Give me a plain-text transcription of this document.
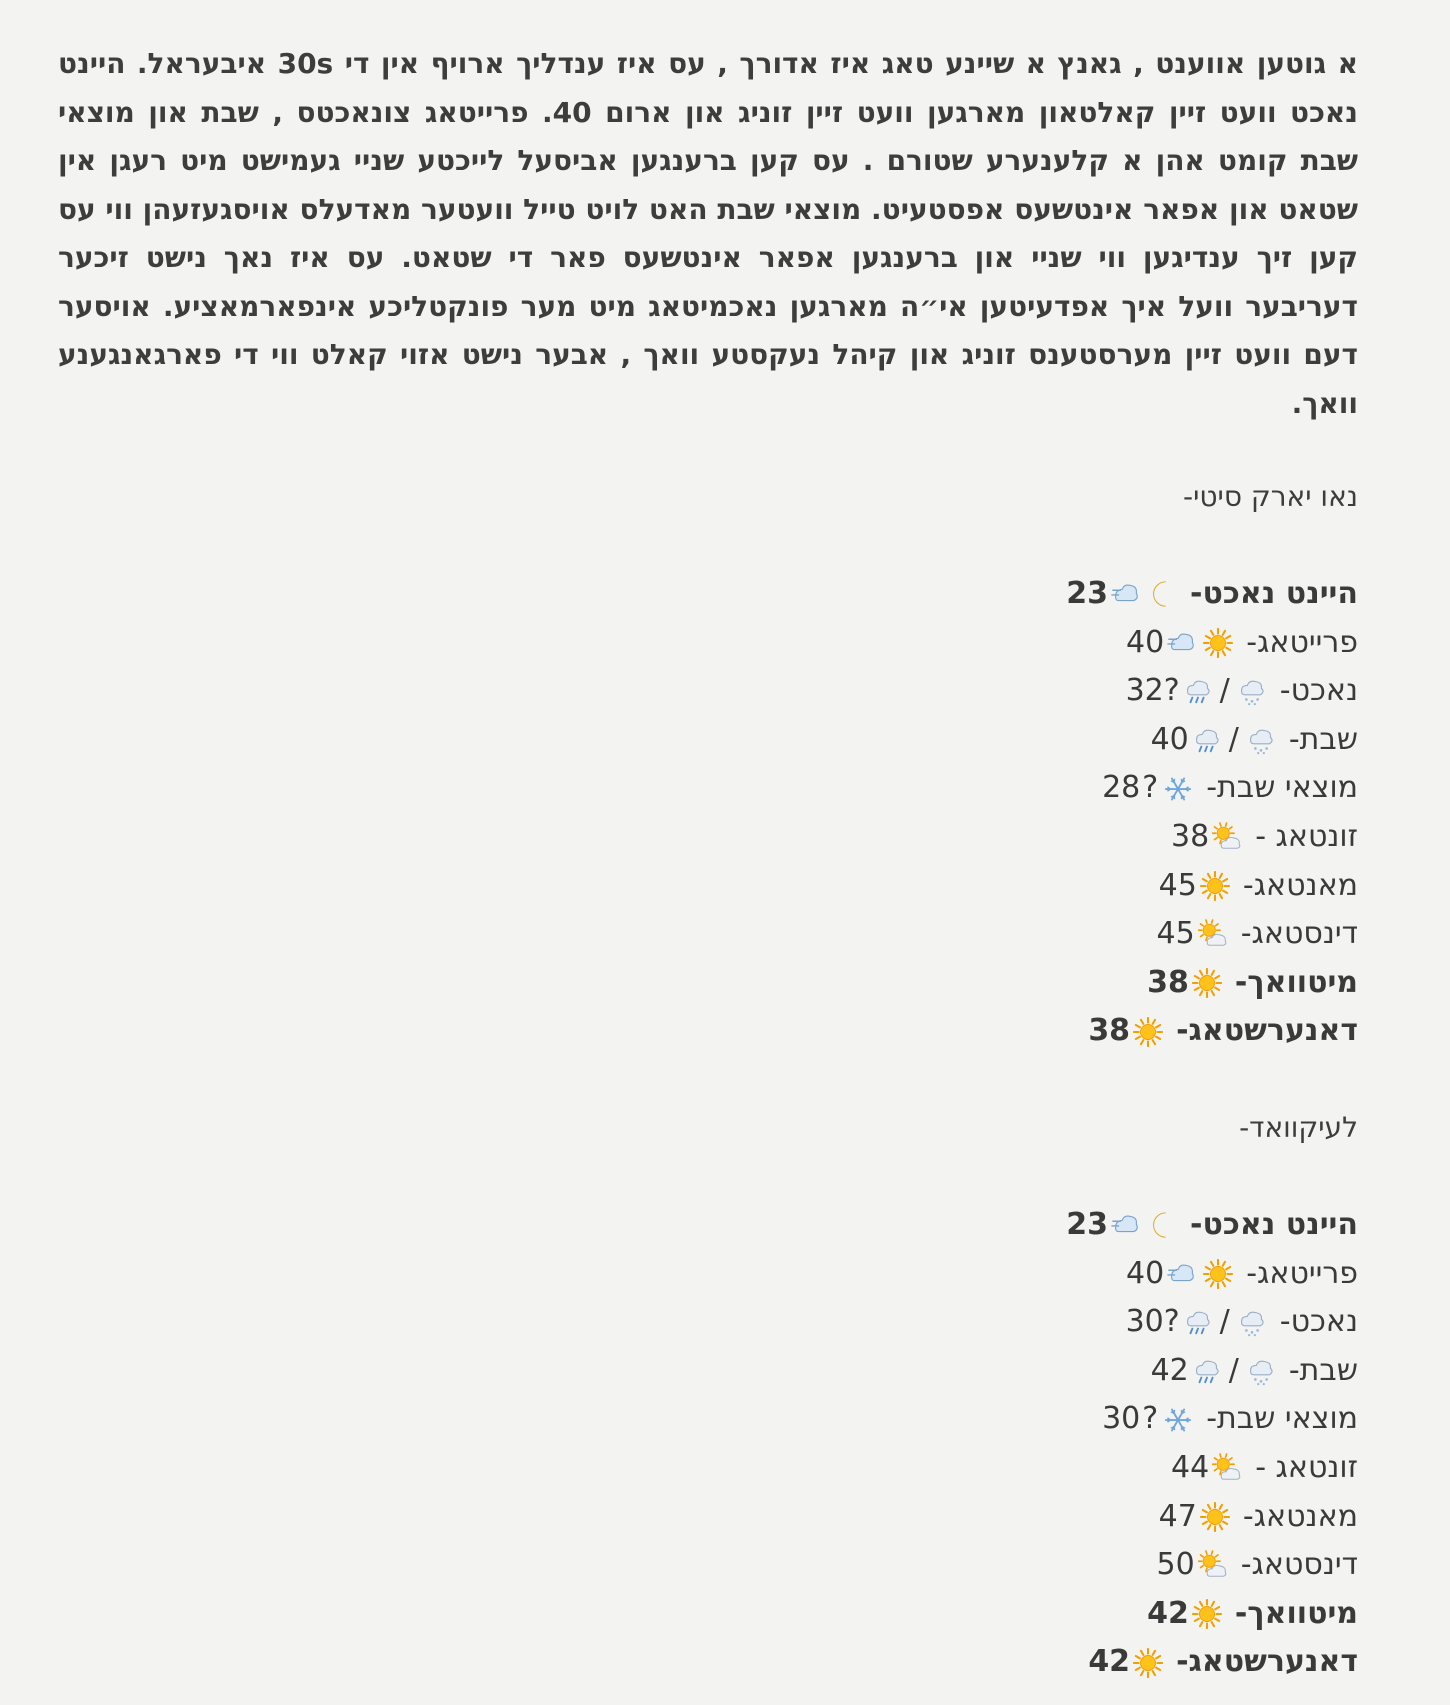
א גוטען אווענט , גאנץ א שיינע טאג איז אדורך , עס איז ענדליך ארויף אין די 30s איבעראל. היינט נאכט וועט זיין קאלטאון מארגען וועט זיין זוניג און ארום 40. פרייטאג צונאכטס , שבת און מוצאי שבת קומט אהן א קלענערע שטורם . עס קען ברענגען אביסעל לייכטע שניי געמישט מיט רעגן אין שטאט און אפאר אינטשעס אפסטעיט. מוצאי שבת האט לויט טייל וועטער מאדעלס אויסגעזעהן ווי עס קען זיך ענדיגען ווי שניי און ברענגען אפאר אינטשעס פאר די שטאט. עס איז נאך נישט זיכער דעריבער וועל איך אפדעיטען אי״ה מארגען נאכמיטאג מיט מער פונקטליכע אינפארמאציע. אויסער דעם וועט זיין מערסטענס זוניג און קיהל נעקסטע וואך , אבער נישט אזוי קאלט ווי די פארגאנגענע וואך.
נאו יארק סיטי-
היינט נאכט-
23
פרייטאג-
40
נאכט-
/
32?
שבת-
/
40
מוצאי שבת-
?
28
זונטאג -
38
מאנטאג-
45
דינסטאג-
45
מיטוואך-
38
דאנערשטאג-
38
לעיקוואד-
היינט נאכט-
23
פרייטאג-
40
נאכט-
/
30?
שבת-
/
42
מוצאי שבת-
?
30
זונטאג -
44
מאנטאג-
47
דינסטאג-
50
מיטוואך-
42
דאנערשטאג-
42
